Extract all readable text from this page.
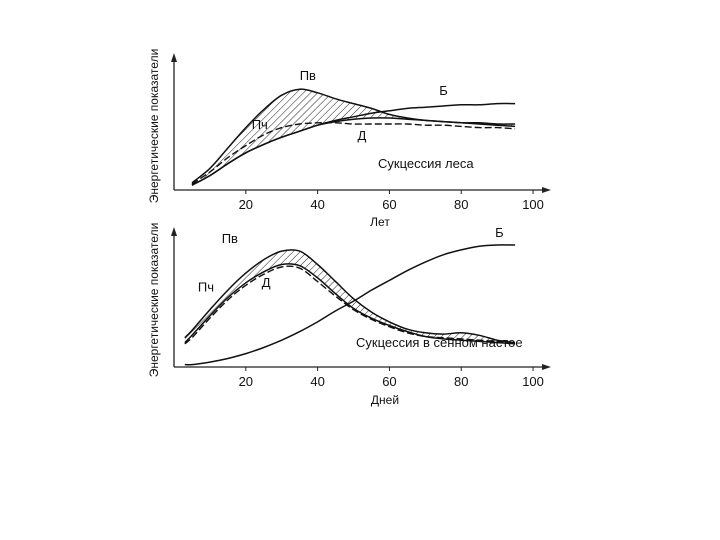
Пв
Пч
Д
Б
20	40	60	80	100
Энергетические показатели
Лет
Сукцессия леса
Пв
Пч	Д
Б
20	40	60	80	100
Энергетические показатели
Дней
Сукцессия в сенном настое
